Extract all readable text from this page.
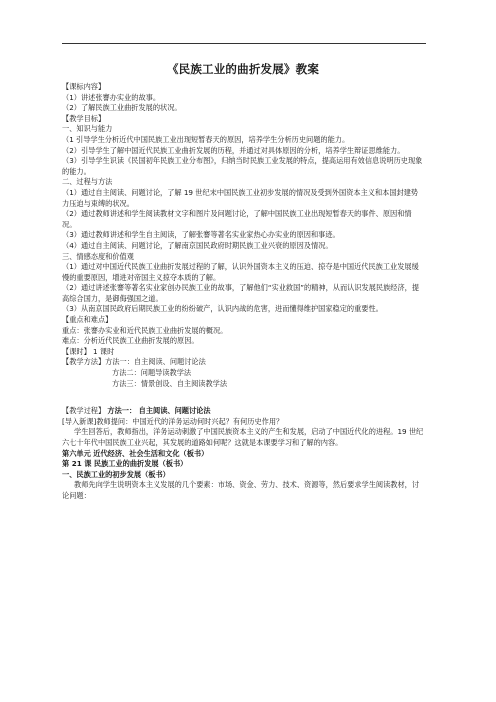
《民族工业的曲折发展》教案

【课标内容】

（1）讲述张謇办实业的故事。

（2）了解民族工业曲折发展的状况。

【教学目标】

一、知识与能力

（1 引导学生分析近代中国民族工业出现短暂春天的原因，培养学生分析历史问题的能力。

（2）引导学生了解中国近代民族工业曲折发展的历程，并通过对具体原因的分析，培养学生辩证思维能力。

（3）引导学生识读《民国初年民族工业分布图》，归纳当时民族工业发展的特点，提高运用有效信息说明历史现象的能力。

二、过程与方法

（1）通过自主阅读、问题讨论，了解 19 世纪末中国民族工业初步发展的情况及受到外国资本主义和本国封建势力压迫与束缚的状况。

（2）通过教师讲述和学生阅读教材文字和图片及问题讨论，了解中国民族工业出现短暂春天的事件、原因和情况。

（3）通过教师讲述和学生自主阅读，了解张謇等著名实业家热心办实业的原因和事迹。

（4）通过自主阅读、问题讨论，了解南京国民政府时期民族工业兴衰的原因及情况。

三、情感态度和价值观

（1）通过对中国近代民族工业曲折发展过程的了解，认识外国资本主义的压迫、掠夺是中国近代民族工业发展缓慢的重要原因，增进对帝国主义掠夺本质的了解。

（2）通过讲述张謇等著名实业家创办民族工业的故事，了解他们“实业救国”的精神，从而认识发展民族经济，提高综合国力，是御侮强国之道。

（3）从南京国民政府后期民族工业的纷纷破产，认识内战的危害，进而懂得维护国家稳定的重要性。

【重点和难点】

重点：张謇办实业和近代民族工业曲折发展的概况。

难点：分析近代民族工业曲折发展的原因。

【课时】 1 课时

【教学方法】方法一：自主阅读、问题讨论法

方法二：问题导读教学法

方法三：情景创设、自主阅读教学法

【教学过程】 方法一： 自主阅读、问题讨论法

[导入新课]教师提问：中国近代的洋务运动何时兴起？有何历史作用？

学生回答后，教师指出，洋务运动刺激了中国民族资本主义的产生和发展，启动了中国近代化的进程。19 世纪六七十年代中国民族工业兴起，其发展的道路如何呢？这就是本课要学习和了解的内容。

第六单元 近代经济、社会生活和文化（板书）

第 21 课 民族工业的曲折发展（板书）

一、民族工业的初步发展（板书）

教师先向学生说明资本主义发展的几个要素：市场、资金、劳力、技术、资源等，然后要求学生阅读教材，讨论问题：
